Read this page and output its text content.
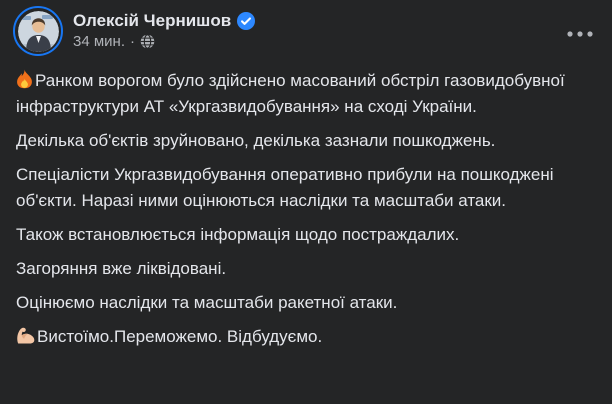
Олексій Чернишов
34 мин. ·

Ранком ворогом було здійснено масований обстріл газовидобувної інфраструктури АТ «Укргазвидобування» на сході України.

Декілька об'єктів зруйновано, декілька зазнали пошкоджень.

Спеціалісти Укргазвидобування оперативно прибули на пошкоджені об'єкти. Наразі ними оцінюються наслідки та масштаби атаки.

Також встановлюється інформація щодо постраждалих.

Загоряння вже ліквідовані.

Оцінюємо наслідки та масштаби ракетної атаки.

Вистоїмо.Переможемо. Відбудуємо.
